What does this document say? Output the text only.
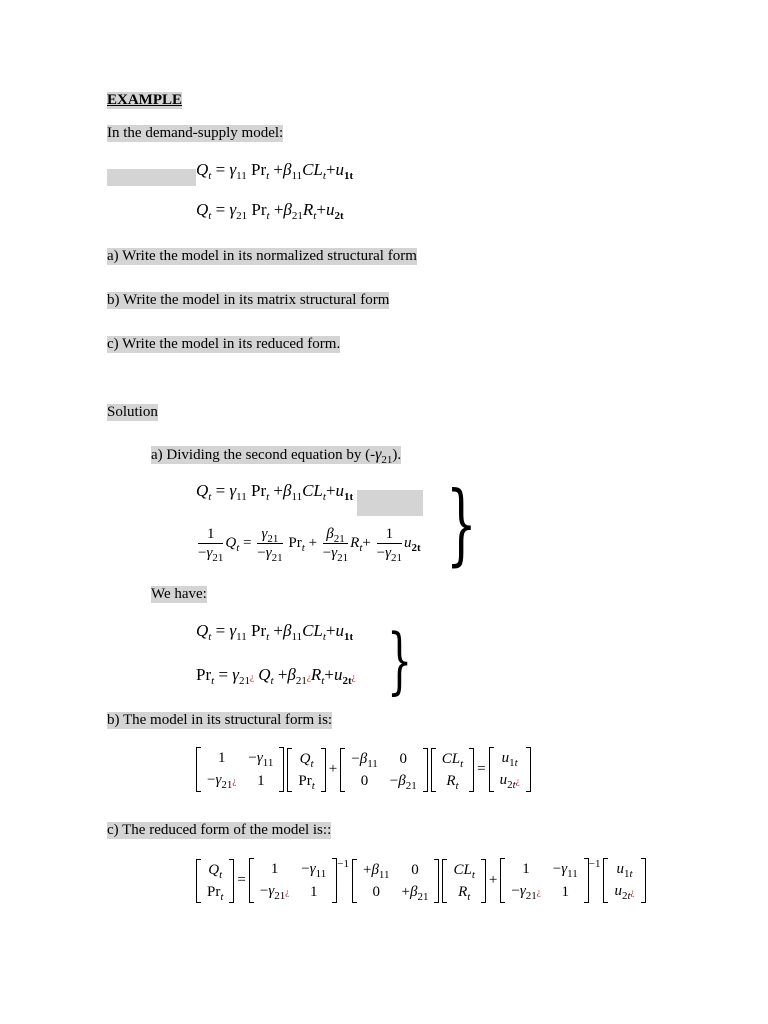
EXAMPLE
In the demand-supply model:
$Q_t = \gamma_{11}$ $Pr_t +\beta_{11}CL_t+u_{1t}$
$Q_t = \gamma_{21}$ $Pr_t +\beta_{21}R_t+u_{2t}$
a) Write the model in its normalized structural form
b) Write the model in its matrix structural form
c) Write the model in its reduced form.
Solution
a) Dividing the second equation by $(-\gamma_{21})$.
$Q_t = \gamma_{11}$ $Pr_t +\beta_{11}CL_t+u_{1t}$
$\frac{1}{-\gamma_{21}} Q_t = \frac{\gamma_{21}}{-\gamma_{21}} Pr_t + \frac{\beta_{21}}{-\gamma_{21}} R_t+ \frac{1}{-\gamma_{21}} u_{2t}$ }
We have:
$Q_t = \gamma_{11}$ $Pr_t +\beta_{11}CL_t+u_{1t}$
$Pr_t$ = $\gamma_{21}¿$ $Q_t$ $+\beta_{21}¿R_t+u_{2t}¿$ }
b) The model in its structural form is:
1	$-\gamma_{11}$
$-\gamma_{21}¿$	1
$Q_t$
$Pr_t$
+
$-\beta_{11}$	0
0	$-\beta_{21}$
$CL_t$
$R_t$
=
$u_{1t}$
$u_{2t}¿$
c) The reduced form of the model is::
$Q_t$
$Pr_t$
=
1	$-\gamma_{11}$
$-\gamma_{21}¿$	1
$-1 +\beta_{11}$	0
0	$+\beta_{21}$
$CL_t$
$R_t$
+
1	$-\gamma_{11}$
$-\gamma_{21}¿$	1
−1 $u_{1t}$
$u_{2t}¿$
